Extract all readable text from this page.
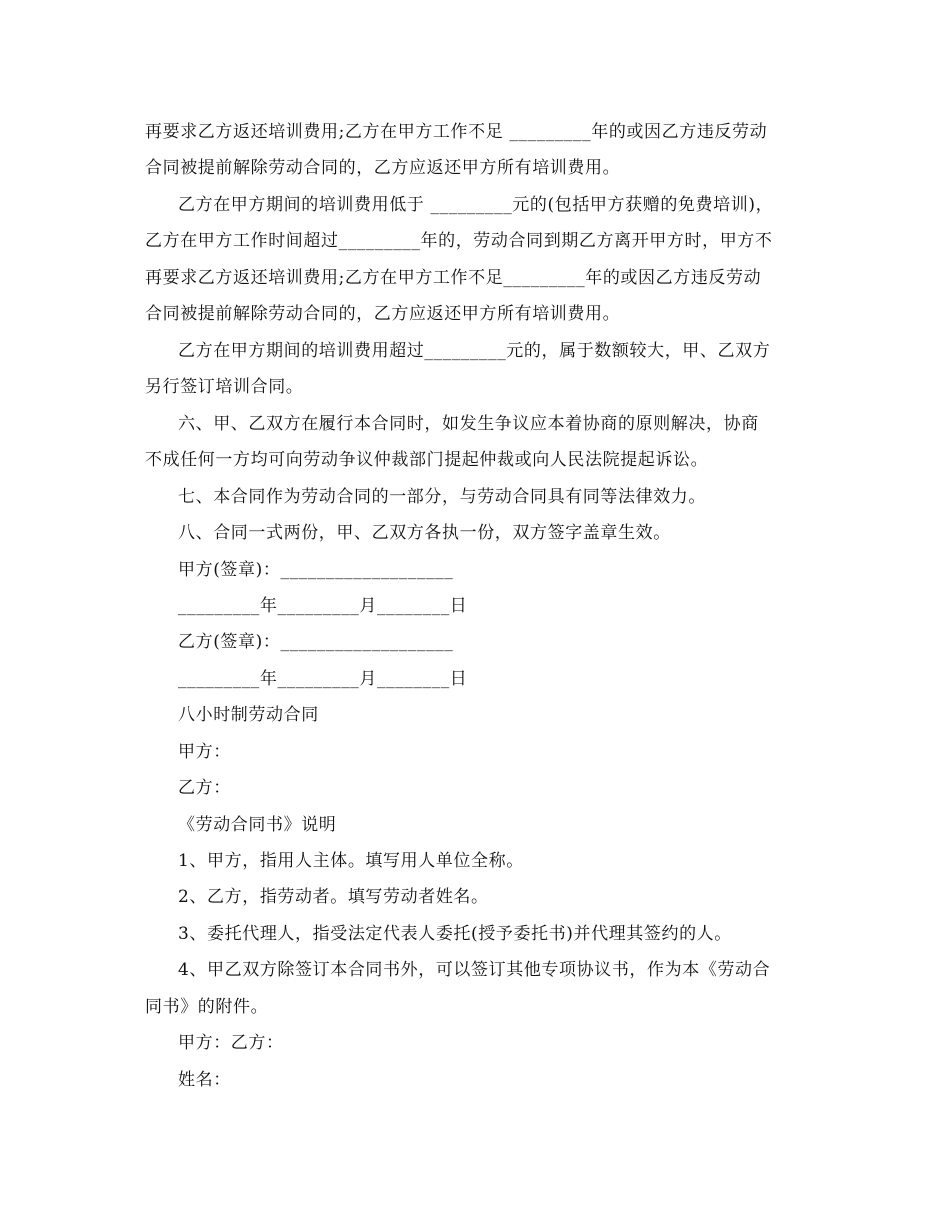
再要求乙方返还培训费用;乙方在甲方工作不足 _________年的或因乙方违反劳动
合同被提前解除劳动合同的，乙方应返还甲方所有培训费用。
乙方在甲方期间的培训费用低于 _________元的(包括甲方获赠的免费培训)，
乙方在甲方工作时间超过_________年的，劳动合同到期乙方离开甲方时，甲方不
再要求乙方返还培训费用;乙方在甲方工作不足_________年的或因乙方违反劳动
合同被提前解除劳动合同的，乙方应返还甲方所有培训费用。
乙方在甲方期间的培训费用超过_________元的，属于数额较大，甲、乙双方
另行签订培训合同。
六、甲、乙双方在履行本合同时，如发生争议应本着协商的原则解决，协商
不成任何一方均可向劳动争议仲裁部门提起仲裁或向人民法院提起诉讼。
七、本合同作为劳动合同的一部分，与劳动合同具有同等法律效力。
八、合同一式两份，甲、乙双方各执一份，双方签字盖章生效。
甲方(签章)：___________________
_________年_________月________日
乙方(签章)：___________________
_________年_________月________日
八小时制劳动合同
甲方：
乙方：
《劳动合同书》说明
1、甲方，指用人主体。填写用人单位全称。
2、乙方，指劳动者。填写劳动者姓名。
3、委托代理人，指受法定代表人委托(授予委托书)并代理其签约的人。
4、甲乙双方除签订本合同书外，可以签订其他专项协议书，作为本《劳动合
同书》的附件。
甲方：乙方：
姓名：
